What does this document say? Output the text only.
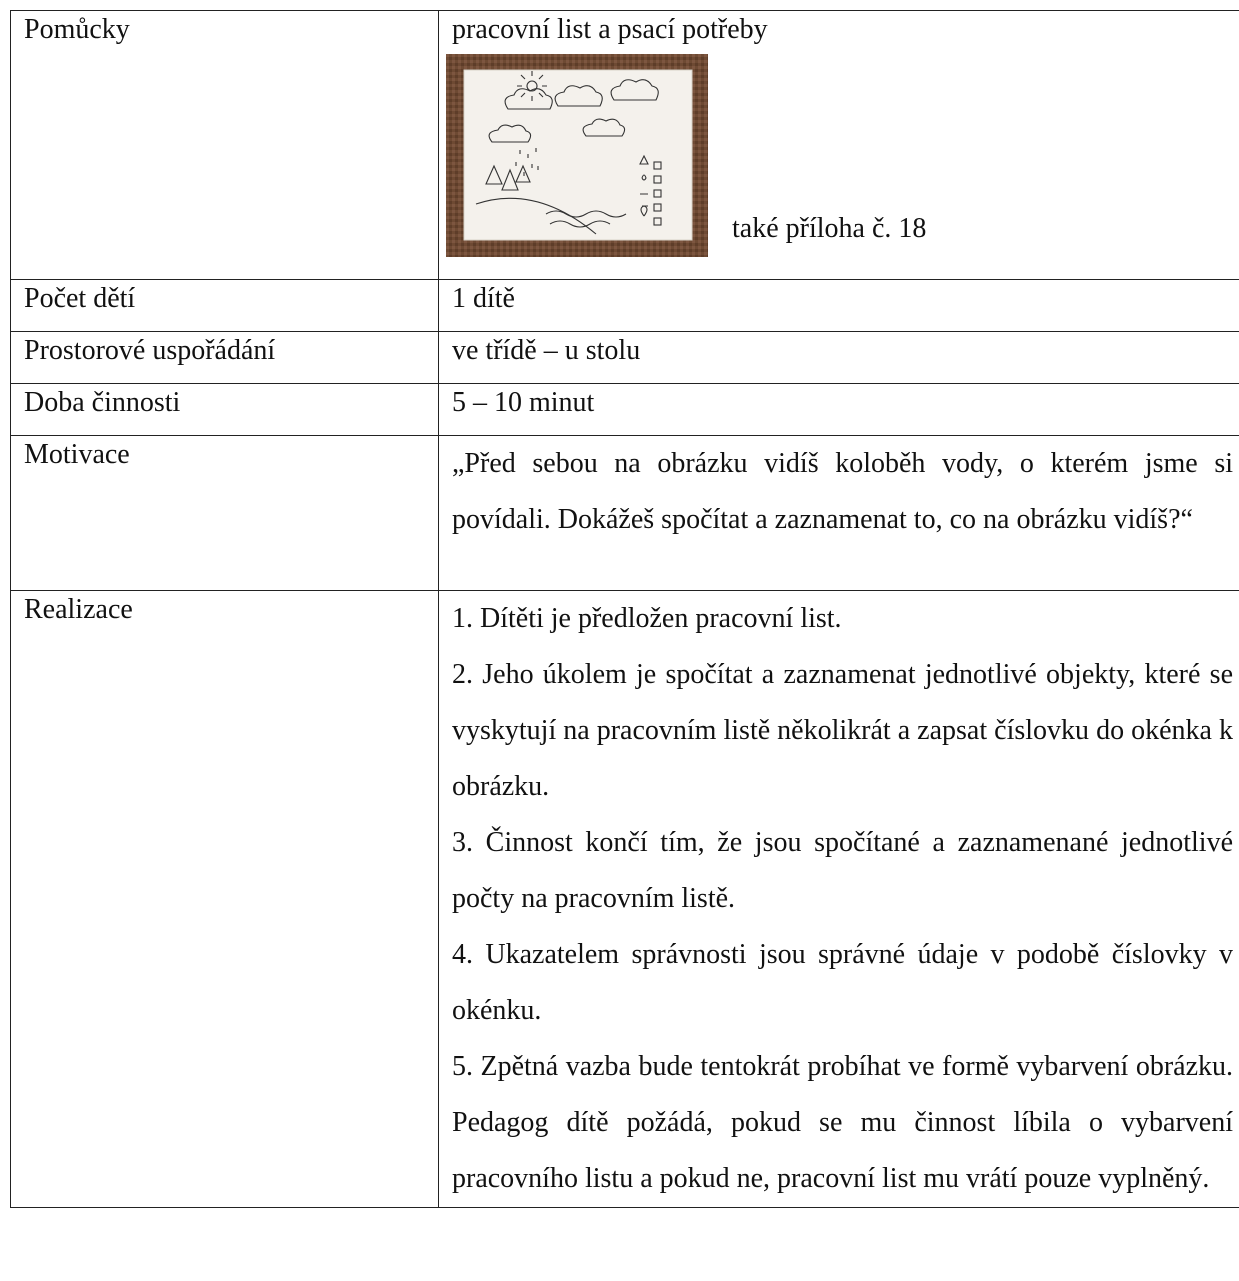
Pomůcky	pracovní list a psací potřeby
také příloha č. 18

Počet dětí	1 dítě
Prostorové uspořádání	ve třídě – u stolu
Doba činnosti	5 – 10 minut
Motivace	„Před sebou na obrázku vidíš koloběh vody, o kterém jsme si povídali. Dokážeš spočítat a zaznamenat to, co na obrázku vidíš?“

Realizace	1. Dítěti je předložen pracovní list.
2. Jeho úkolem je spočítat a zaznamenat jednotlivé objekty, které se vyskytují na pracovním listě několikrát a zapsat číslovku do okénka k obrázku.
3. Činnost končí tím, že jsou spočítané a zaznamenané jednotlivé počty na pracovním listě.
4. Ukazatelem správnosti jsou správné údaje v podobě číslovky v okénku.
5. Zpětná vazba bude tentokrát probíhat ve formě vybarvení obrázku. Pedagog dítě požádá, pokud se mu činnost líbila o vybarvení pracovního listu a pokud ne, pracovní list mu vrátí pouze vyplněný.
